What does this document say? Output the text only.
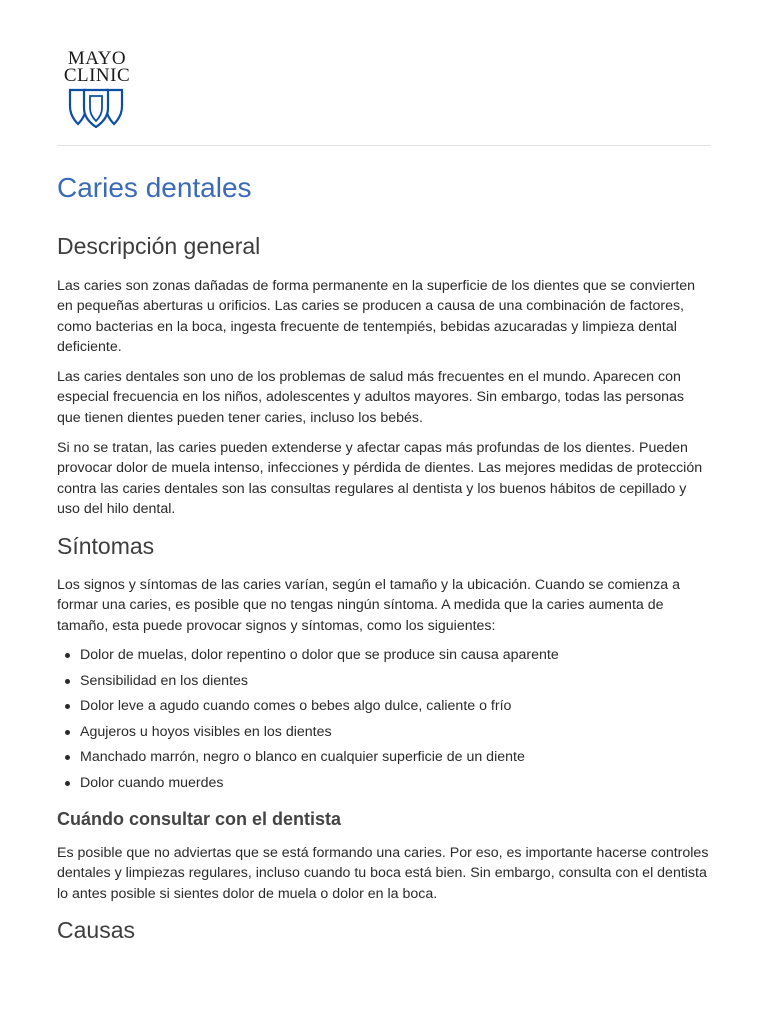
MAYO
CLINIC
Caries dentales
Descripción general

Las caries son zonas dañadas de forma permanente en la superficie de los dientes que se convierten en pequeñas aberturas u orificios. Las caries se producen a causa de una combinación de factores, como bacterias en la boca, ingesta frecuente de tentempiés, bebidas azucaradas y limpieza dental deficiente.

Las caries dentales son uno de los problemas de salud más frecuentes en el mundo. Aparecen con especial frecuencia en los niños, adolescentes y adultos mayores. Sin embargo, todas las personas que tienen dientes pueden tener caries, incluso los bebés.

Si no se tratan, las caries pueden extenderse y afectar capas más profundas de los dientes. Pueden provocar dolor de muela intenso, infecciones y pérdida de dientes. Las mejores medidas de protección contra las caries dentales son las consultas regulares al dentista y los buenos hábitos de cepillado y uso del hilo dental.

Síntomas

Los signos y síntomas de las caries varían, según el tamaño y la ubicación. Cuando se comienza a formar una caries, es posible que no tengas ningún síntoma. A medida que la caries aumenta de tamaño, esta puede provocar signos y síntomas, como los siguientes:

Dolor de muelas, dolor repentino o dolor que se produce sin causa aparente
Sensibilidad en los dientes
Dolor leve a agudo cuando comes o bebes algo dulce, caliente o frío
Agujeros u hoyos visibles en los dientes
Manchado marrón, negro o blanco en cualquier superficie de un diente
Dolor cuando muerdes
Cuándo consultar con el dentista

Es posible que no adviertas que se está formando una caries. Por eso, es importante hacerse controles dentales y limpiezas regulares, incluso cuando tu boca está bien. Sin embargo, consulta con el dentista lo antes posible si sientes dolor de muela o dolor en la boca.

Causas
